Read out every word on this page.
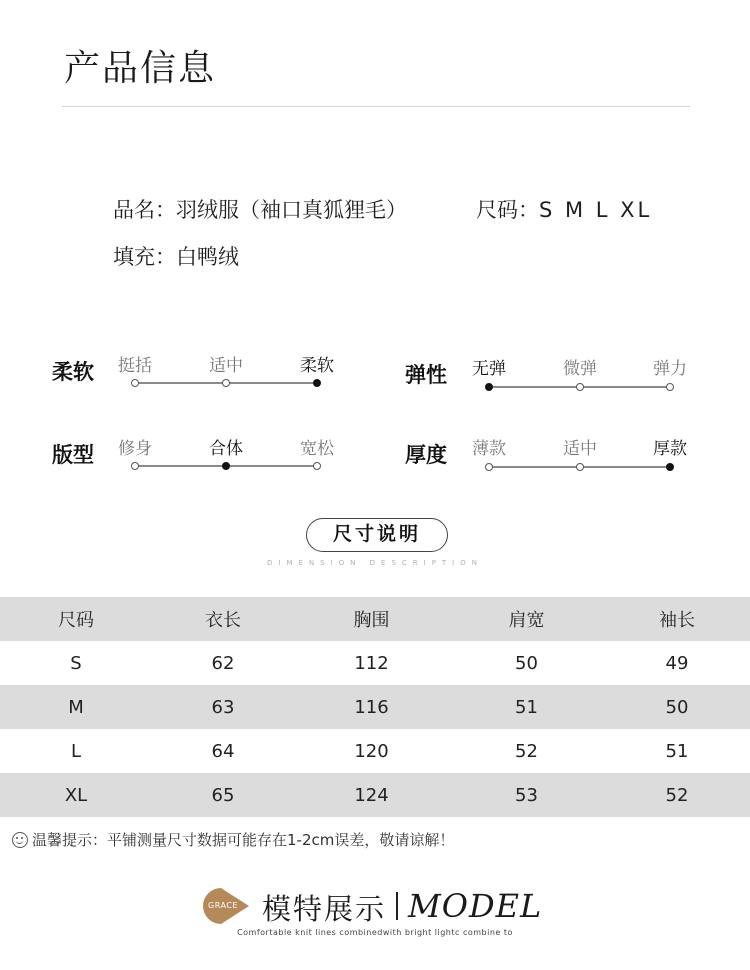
产品信息
品名：羽绒服（袖口真狐狸毛）	尺码：S M L XL
填充：白鸭绒
柔软	挺括	适中	柔软	弹性	无弹	微弹	弹力
版型	修身	合体	宽松	厚度	薄款	适中	厚款
尺寸说明
DIMENSION DESCRIPTION
尺码	衣长	胸围	肩宽	袖长
S	62	112	50	49
M	63	116	51	50
L	64	120	52	51
XL	65	124	53	52
温馨提示：平铺测量尺寸数据可能存在1-2cm误差，敬请谅解！
GRACE 模特展示 MODEL
Comfortable knit lines combinedwith bright lightc combine to
